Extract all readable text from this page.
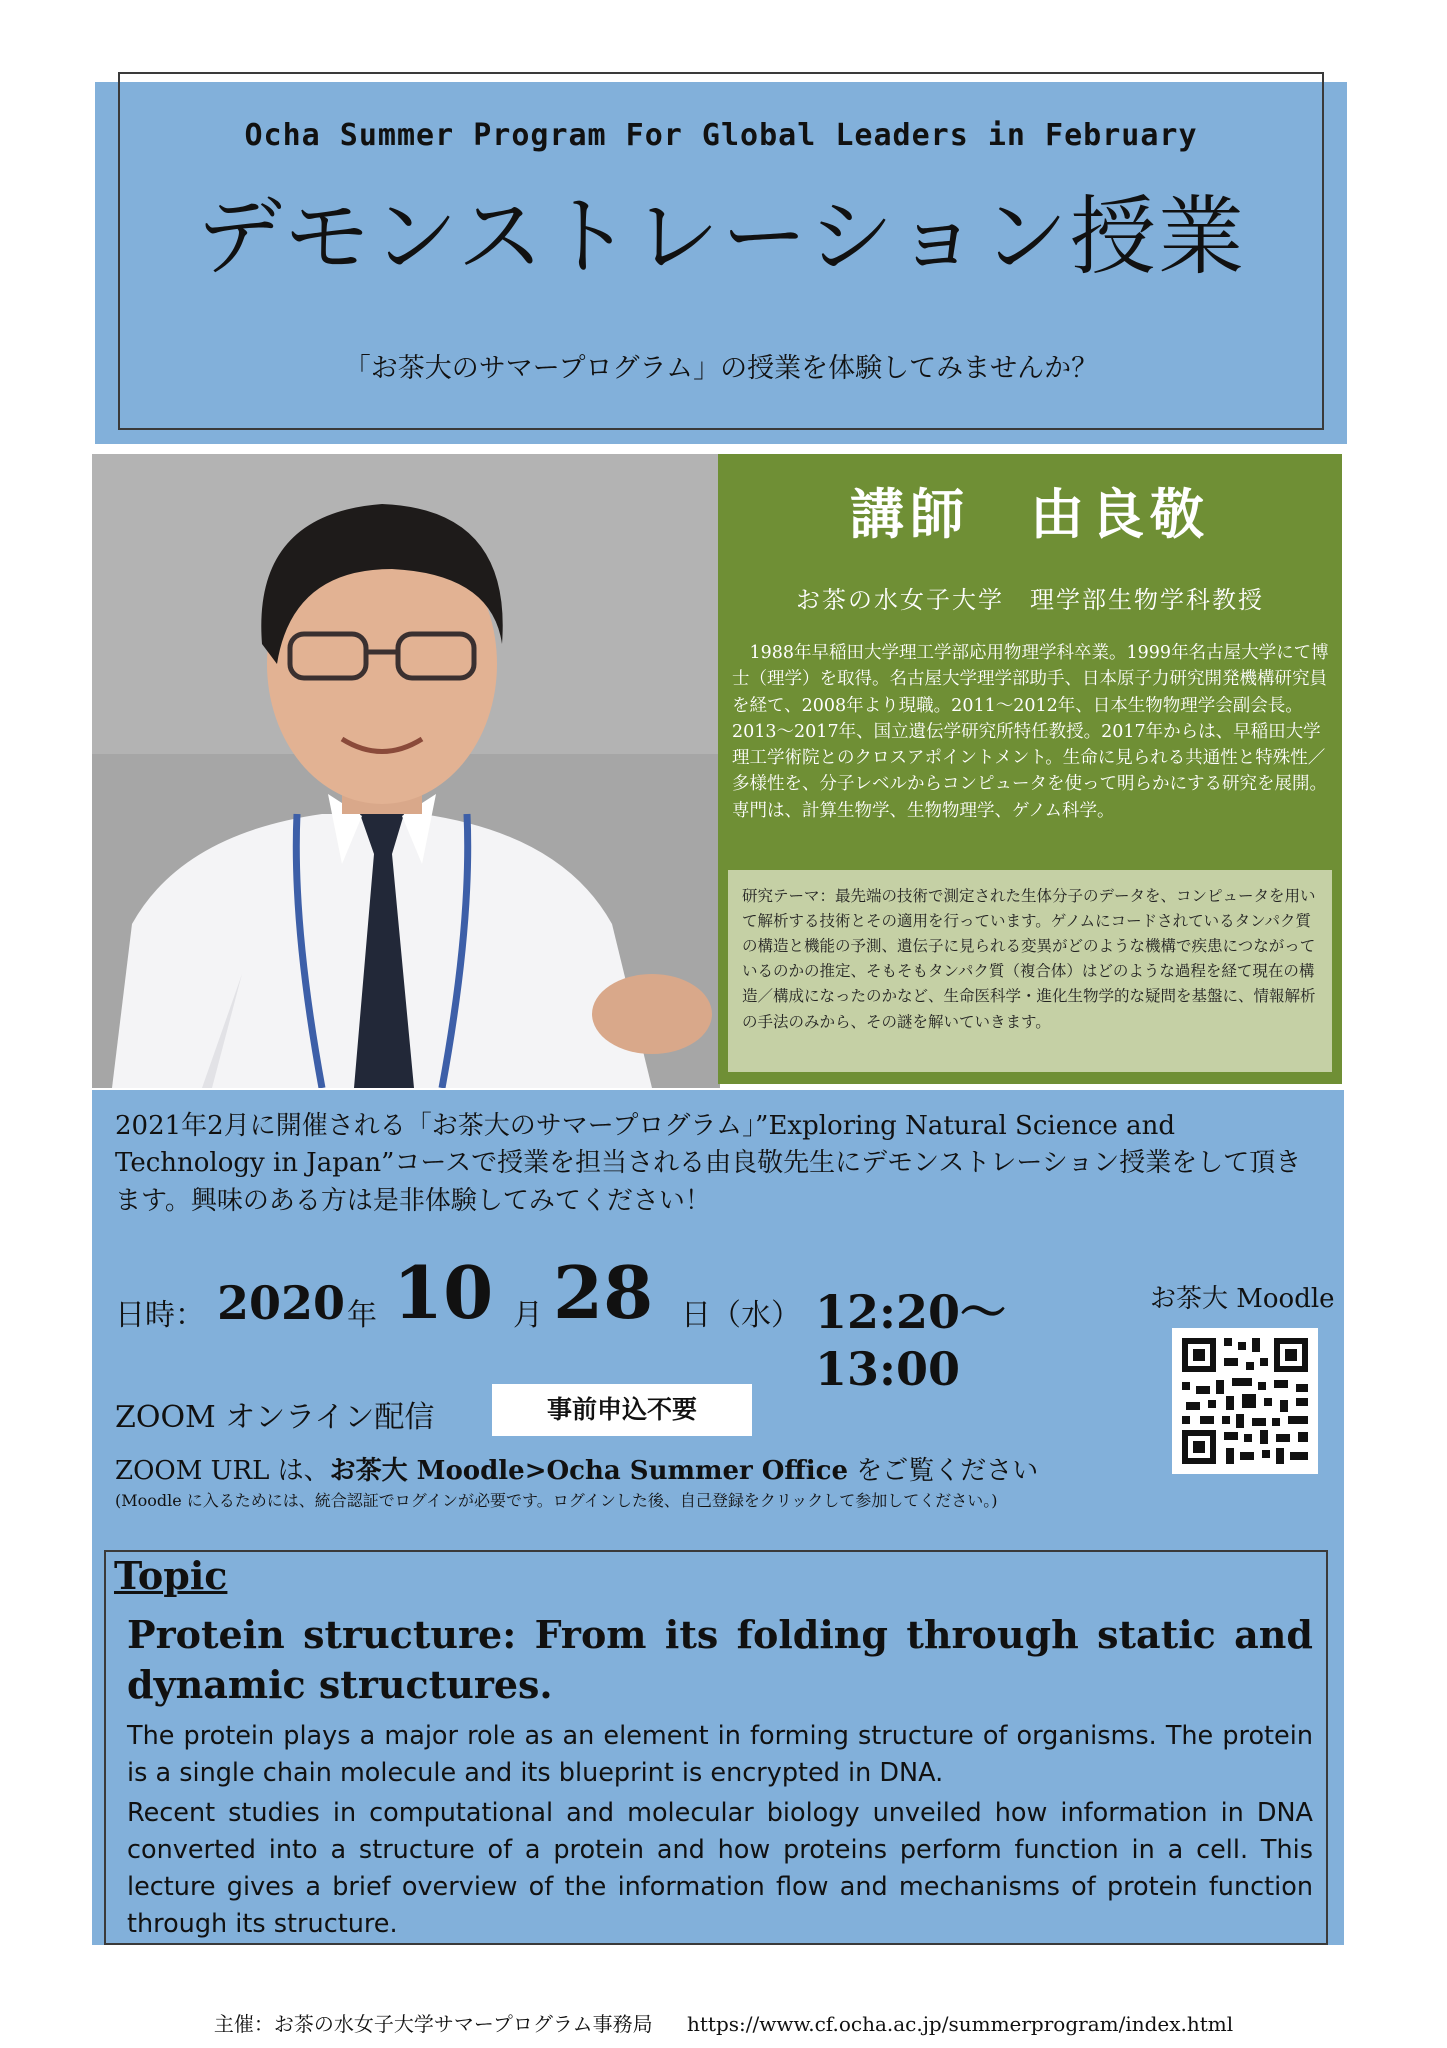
Ocha Summer Program For Global Leaders in February
デモンストレーション授業
「お茶大のサマープログラム」の授業を体験してみませんか？
講師　由良敬
お茶の水女子大学　理学部生物学科教授
1988年早稲田大学理工学部応用物理学科卒業。1999年名古屋大学にて博士（理学）を取得。名古屋大学理学部助手、日本原子力研究開発機構研究員を経て、2008年より現職。2011～2012年、日本生物物理学会副会長。2013～2017年、国立遺伝学研究所特任教授。2017年からは、早稲田大学理工学術院とのクロスアポイントメント。生命に見られる共通性と特殊性／多様性を、分子レベルからコンピュータを使って明らかにする研究を展開。専門は、計算生物学、生物物理学、ゲノム科学。
研究テーマ：最先端の技術で測定された生体分子のデータを、コンピュータを用いて解析する技術とその適用を行っています。ゲノムにコードされているタンパク質の構造と機能の予測、遺伝子に見られる変異がどのような機構で疾患につながっているのかの推定、そもそもタンパク質（複合体）はどのような過程を経て現在の構造／構成になったのかなど、生命医科学・進化生物学的な疑問を基盤に、情報解析の手法のみから、その謎を解いていきます。
2021年2月に開催される「お茶大のサマープログラム」”Exploring Natural Science and Technology in Japan”コースで授業を担当される由良敬先生にデモンストレーション授業をして頂きます。興味のある方は是非体験してみてください！
日時： 2020 年 10 月 28 日（水） 12:20～13:00
お茶大 Moodle
ZOOM オンライン配信	事前申込不要
ZOOM URL は、お茶大 Moodle>Ocha Summer Office をご覧ください
(Moodle に入るためには、統合認証でログインが必要です。ログインした後、自己登録をクリックして参加してください。)
Topic
Protein structure: From its folding through static and dynamic structures.

The protein plays a major role as an element in forming structure of organisms. The protein is a single chain molecule and its blueprint is encrypted in DNA.

Recent studies in computational and molecular biology unveiled how information in DNA converted into a structure of a protein and how proteins perform function in a cell. This lecture gives a brief overview of the information flow and mechanisms of protein function through its structure.

主催：お茶の水女子大学サマープログラム事務局 https://www.cf.ocha.ac.jp/summerprogram/index.html
